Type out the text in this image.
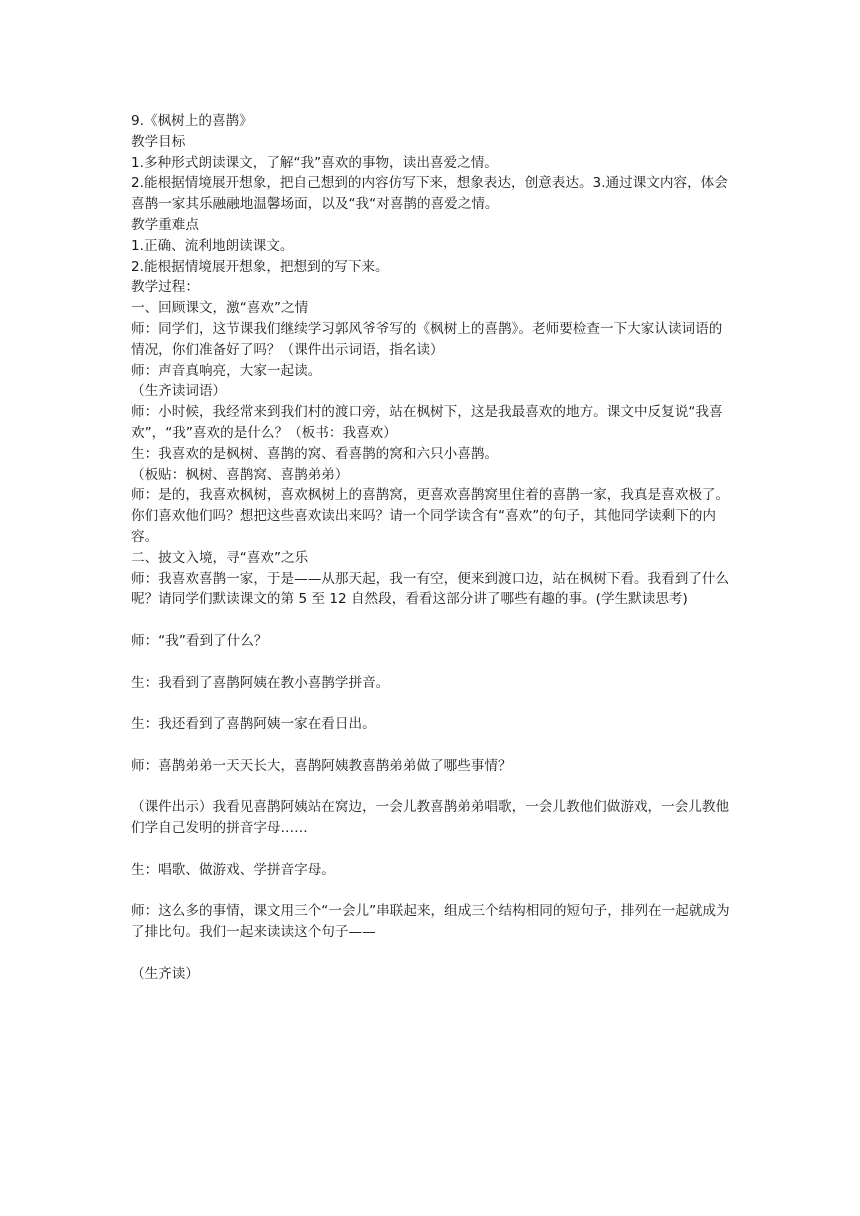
9.《枫树上的喜鹊》

教学目标

1.多种形式朗读课文，了解“我”喜欢的事物，读出喜爱之情。

2.能根据情境展开想象，把自己想到的内容仿写下来，想象表达，创意表达。3.通过课文内容，体会喜鹊一家其乐融融地温馨场面，以及“我“对喜鹊的喜爱之情。

教学重难点

1.正确、流利地朗读课文。

2.能根据情境展开想象，把想到的写下来。

教学过程：

一、回顾课文，激“喜欢”之情

师：同学们，这节课我们继续学习郭风爷爷写的《枫树上的喜鹊》。老师要检查一下大家认读词语的情况，你们准备好了吗？（课件出示词语，指名读）

师：声音真响亮，大家一起读。

（生齐读词语）

师：小时候，我经常来到我们村的渡口旁，站在枫树下，这是我最喜欢的地方。课文中反复说“我喜欢”，“我”喜欢的是什么？（板书：我喜欢）

生：我喜欢的是枫树、喜鹊的窝、看喜鹊的窝和六只小喜鹊。

（板贴：枫树、喜鹊窝、喜鹊弟弟）

师：是的，我喜欢枫树，喜欢枫树上的喜鹊窝，更喜欢喜鹊窝里住着的喜鹊一家，我真是喜欢极了。你们喜欢他们吗？想把这些喜欢读出来吗？请一个同学读含有“喜欢”的句子，其他同学读剩下的内容。

二、披文入境，寻“喜欢”之乐

师：我喜欢喜鹊一家，于是——从那天起，我一有空，便来到渡口边，站在枫树下看。我看到了什么呢？请同学们默读课文的第 5 至 12 自然段，看看这部分讲了哪些有趣的事。(学生默读思考)

师：“我”看到了什么？

生：我看到了喜鹊阿姨在教小喜鹊学拼音。

生：我还看到了喜鹊阿姨一家在看日出。

师：喜鹊弟弟一天天长大，喜鹊阿姨教喜鹊弟弟做了哪些事情？

（课件出示）我看见喜鹊阿姨站在窝边，一会儿教喜鹊弟弟唱歌，一会儿教他们做游戏，一会儿教他们学自己发明的拼音字母……

生：唱歌、做游戏、学拼音字母。

师：这么多的事情，课文用三个“一会儿”串联起来，组成三个结构相同的短句子，排列在一起就成为了排比句。我们一起来读读这个句子——

（生齐读）
